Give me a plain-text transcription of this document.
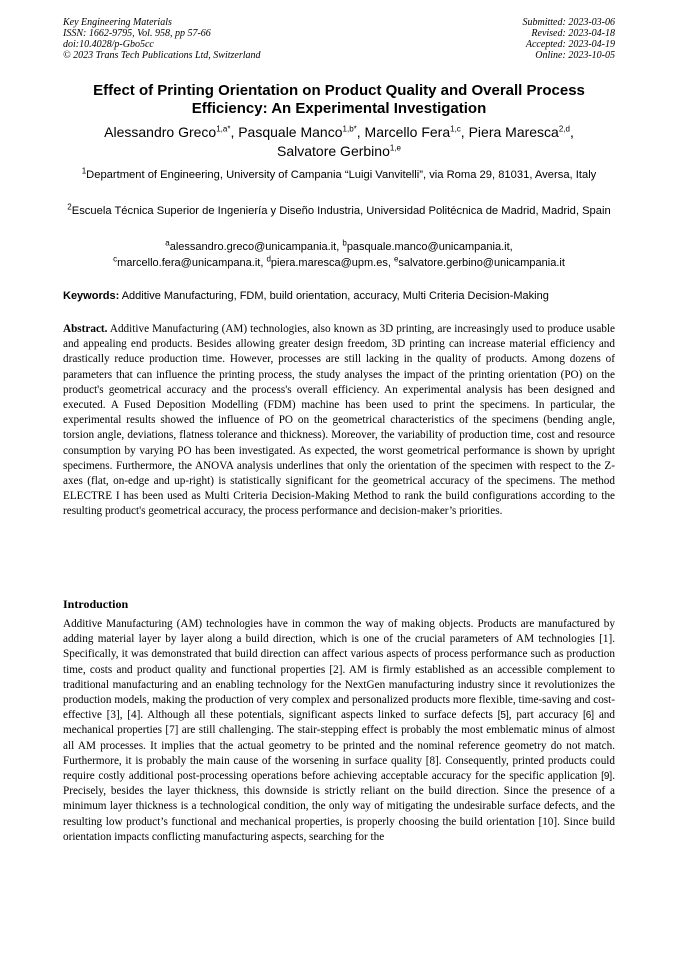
Key Engineering Materials
ISSN: 1662-9795, Vol. 958, pp 57-66
doi:10.4028/p-Gbo5cc
© 2023 Trans Tech Publications Ltd, Switzerland
Submitted: 2023-03-06
Revised: 2023-04-18
Accepted: 2023-04-19
Online: 2023-10-05
Effect of Printing Orientation on Product Quality and Overall Process Efficiency: An Experimental Investigation
Alessandro Greco$^{1,a*}$, Pasquale Manco$^{1,b*}$, Marcello Fera$^{1,c}$, Piera Maresca$^{2,d}$,
Salvatore Gerbino$^{1,e}$
$^1$Department of Engineering, University of Campania “Luigi Vanvitelli”, via Roma 29, 81031, Aversa, Italy
$^2$Escuela Técnica Superior de Ingeniería y Diseño Industria, Universidad Politécnica de Madrid, Madrid, Spain
$^a$alessandro.greco@unicampania.it, $^b$pasquale.manco@unicampania.it,
$^c$marcello.fera@unicampana.it, $^d$piera.maresca@upm.es, $^e$salvatore.gerbino@unicampania.it
Keywords: Additive Manufacturing, FDM, build orientation, accuracy, Multi Criteria Decision-Making

Abstract. Additive Manufacturing (AM) technologies, also known as 3D printing, are increasingly used to produce usable and appealing end products. Besides allowing greater design freedom, 3D printing can increase material efficiency and drastically reduce production time. However, processes are still lacking in the quality of products. Among dozens of parameters that can influence the printing process, the study analyses the impact of the printing orientation (PO) on the product's geometrical accuracy and the process's overall efficiency. An experimental analysis has been designed and executed. A Fused Deposition Modelling (FDM) machine has been used to print the specimens. In particular, the experimental results showed the influence of PO on the geometrical characteristics of the specimens (bending angle, torsion angle, deviations, flatness tolerance and thickness). Moreover, the variability of production time, cost and resource consumption by varying PO has been investigated. As expected, the worst geometrical performance is shown by upright specimens. Furthermore, the ANOVA analysis underlines that only the orientation of the specimen with respect to the Z-axes (flat, on-edge and up-right) is statistically significant for the geometrical accuracy of the specimens. The method ELECTRE I has been used as Multi Criteria Decision-Making Method to rank the build configurations according to the resulting product's geometrical accuracy, the process performance and decision-maker’s priorities.

Introduction

Additive Manufacturing (AM) technologies have in common the way of making objects. Products are manufactured by adding material layer by layer along a build direction, which is one of the crucial parameters of AM technologies [1]. Specifically, it was demonstrated that build direction can affect various aspects of process performance such as production time, costs and product quality and functional properties [2]. AM is firmly established as an accessible complement to traditional manufacturing and an enabling technology for the NextGen manufacturing industry since it revolutionizes the production models, making the production of very complex and personalized products more flexible, time-saving and cost-effective [3], [4]. Although all these potentials, significant aspects linked to surface defects [5], part accuracy [6] and mechanical properties [7] are still challenging. The stair-stepping effect is probably the most emblematic minus of almost all AM processes. It implies that the actual geometry to be printed and the nominal reference geometry do not match. Furthermore, it is probably the main cause of the worsening in surface quality [8]. Consequently, printed products could require costly additional post-processing operations before achieving acceptable accuracy for the specific application [9]. Precisely, besides the layer thickness, this downside is strictly reliant on the build direction. Since the presence of a minimum layer thickness is a technological condition, the only way of mitigating the undesirable surface defects, and the resulting low product’s functional and mechanical properties, is properly choosing the build orientation [10]. Since build orientation impacts conflicting manufacturing aspects, searching for the
